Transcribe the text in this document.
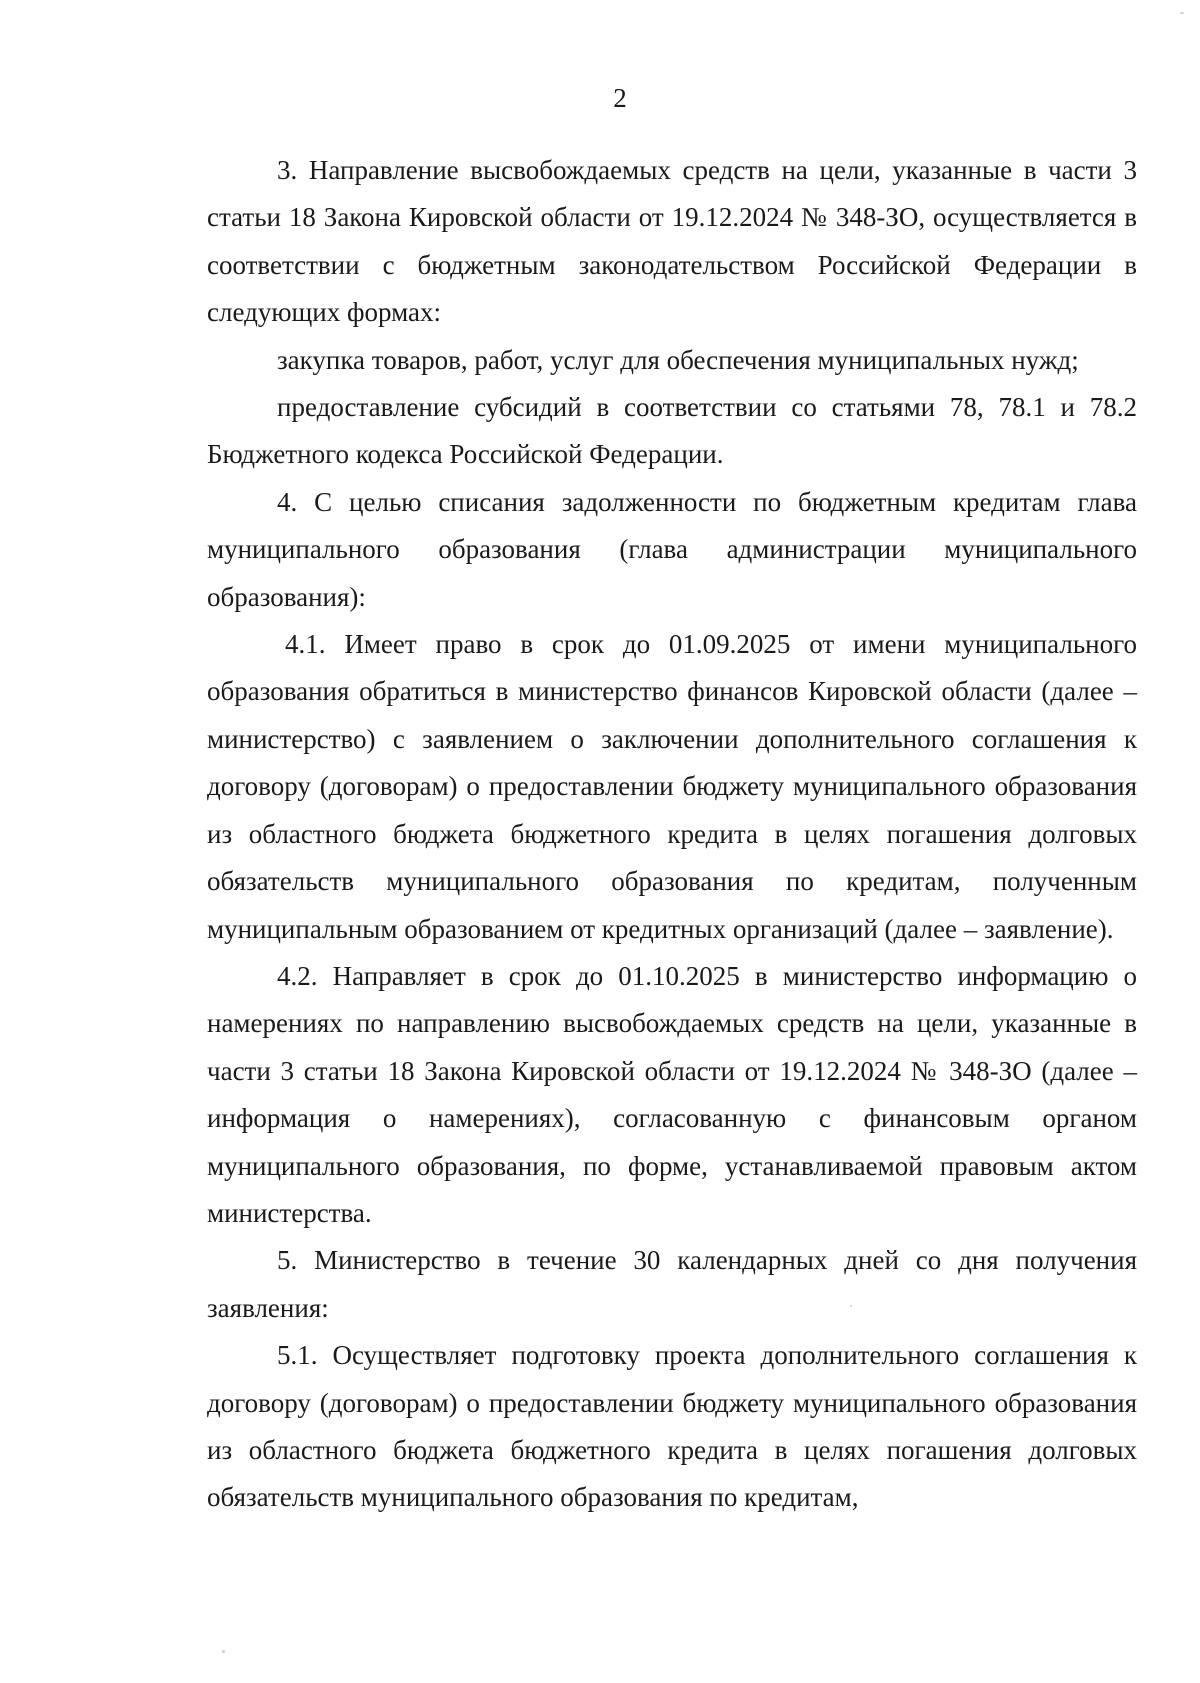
2

3. Направление высвобождаемых средств на цели, указанные в части 3 статьи 18 Закона Кировской области от 19.12.2024 № 348-ЗО, осуществляется в соответствии с бюджетным законодательством Российской Федерации в следующих формах:

закупка товаров, работ, услуг для обеспечения муниципальных нужд;

предоставление субсидий в соответствии со статьями 78, 78.1 и 78.2 Бюджетного кодекса Российской Федерации.

4. С целью списания задолженности по бюджетным кредитам глава муниципального образования (глава администрации муниципального образования):

4.1. Имеет право в срок до 01.09.2025 от имени муниципального образования обратиться в министерство финансов Кировской области (далее – министерство) с заявлением о заключении дополнительного соглашения к договору (договорам) о предоставлении бюджету муниципального образования из областного бюджета бюджетного кредита в целях погашения долговых обязательств муниципального образования по кредитам, полученным муниципальным образованием от кредитных организаций (далее – заявление).

4.2. Направляет в срок до 01.10.2025 в министерство информацию о намерениях по направлению высвобождаемых средств на цели, указанные в части 3 статьи 18 Закона Кировской области от 19.12.2024 № 348-ЗО (далее – информация о намерениях), согласованную с финансовым органом муниципального образования, по форме, устанавливаемой правовым актом министерства.

5. Министерство в течение 30 календарных дней со дня получения заявления:

5.1. Осуществляет подготовку проекта дополнительного соглашения к договору (договорам) о предоставлении бюджету муниципального образования из областного бюджета бюджетного кредита в целях погашения долговых обязательств муниципального образования по кредитам,
